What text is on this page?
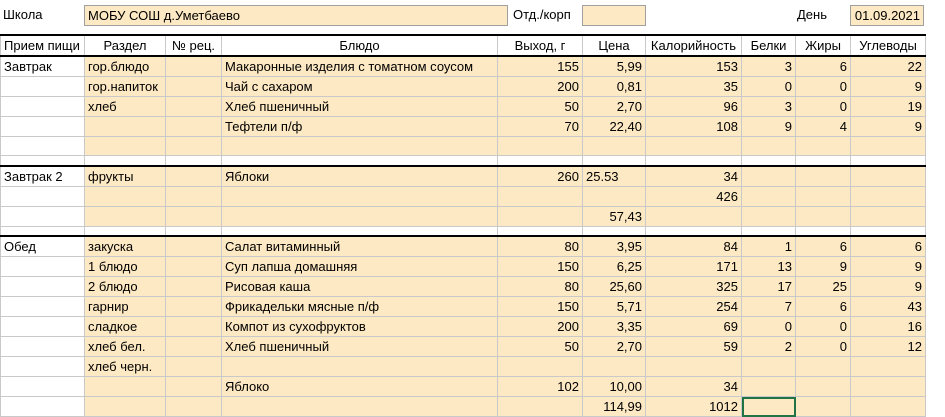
Школа	МОБУ СОШ д.Уметбаево	Отд./корп	День	01.09.2021
Прием пищи	Раздел	№ рец.	Блюдо	Выход, г	Цена	Калорийность	Белки	Жиры	Углеводы
Завтрак	гор.блюдо		Макаронные изделия с томатном соусом	155	5,99	153	3	6	22
	гор.напиток		Чай с сахаром	200	0,81	35	0	0	9
	хлеб		Хлеб пшеничный	50	2,70	96	3	0	19
			Тефтели п/ф	70	22,40	108	9	4	9

Завтрак 2	фрукты		Яблоки	260	25.53	34			
						426			
					57,43				

Обед	закуска		Салат витаминный	80	3,95	84	1	6	6
	1 блюдо		Суп лапша домашняя	150	6,25	171	13	9	9
	2 блюдо		Рисовая каша	80	25,60	325	17	25	9
	гарнир		Фрикадельки мясные п/ф	150	5,71	254	7	6	43
	сладкое		Компот из сухофруктов	200	3,35	69	0	0	16
	хлеб бел.		Хлеб пшеничный	50	2,70	59	2	0	12
	хлеб черн.								
			Яблоко	102	10,00	34			
					114,99	1012			
